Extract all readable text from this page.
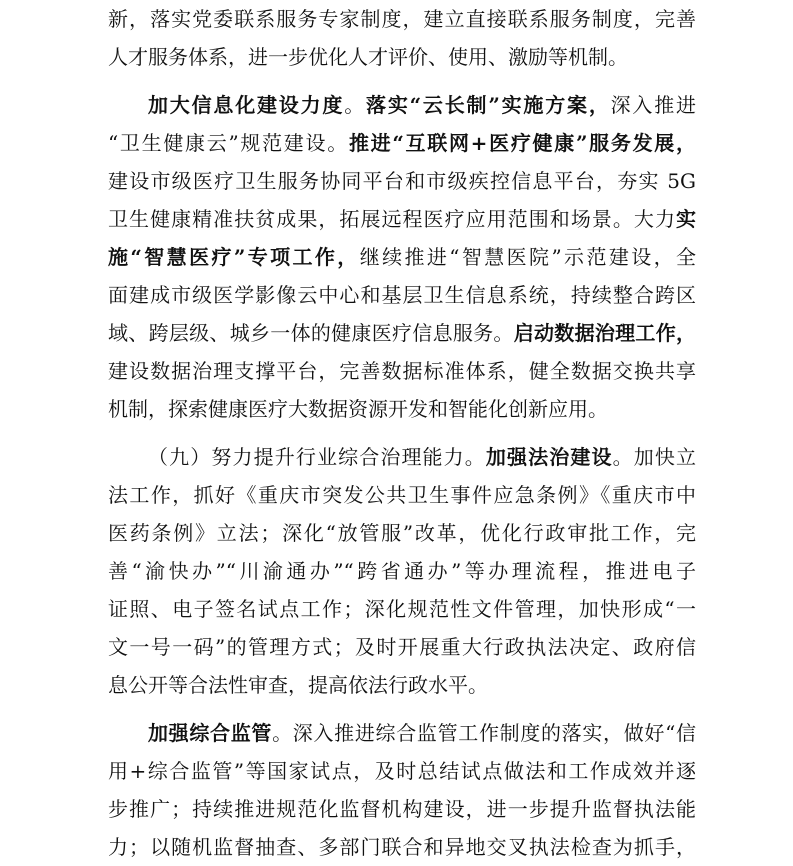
新，落实党委联系服务专家制度，建立直接联系服务制度，完善
人才服务体系，进一步优化人才评价、使用、激励等机制。
加大信息化建设力度。落实“云长制”实施方案，深入推进
“卫生健康云”规范建设。推进“互联网+医疗健康”服务发展，
建设市级医疗卫生服务协同平台和市级疾控信息平台，夯实 5G
卫生健康精准扶贫成果，拓展远程医疗应用范围和场景。大力实
施“智慧医疗”专项工作，继续推进“智慧医院”示范建设，全
面建成市级医学影像云中心和基层卫生信息系统，持续整合跨区
域、跨层级、城乡一体的健康医疗信息服务。启动数据治理工作，
建设数据治理支撑平台，完善数据标准体系，健全数据交换共享
机制，探索健康医疗大数据资源开发和智能化创新应用。
（九）努力提升行业综合治理能力。加强法治建设。加快立
法工作，抓好《重庆市突发公共卫生事件应急条例》《重庆市中
医药条例》立法；深化“放管服”改革，优化行政审批工作，完
善“渝快办”“川渝通办”“跨省通办”等办理流程，推进电子
证照、电子签名试点工作；深化规范性文件管理，加快形成“一
文一号一码”的管理方式；及时开展重大行政执法决定、政府信
息公开等合法性审查，提高依法行政水平。
加强综合监管。深入推进综合监管工作制度的落实，做好“信
用+综合监管”等国家试点，及时总结试点做法和工作成效并逐
步推广；持续推进规范化监督机构建设，进一步提升监督执法能
力；以随机监督抽查、多部门联合和异地交叉执法检查为抓手，
